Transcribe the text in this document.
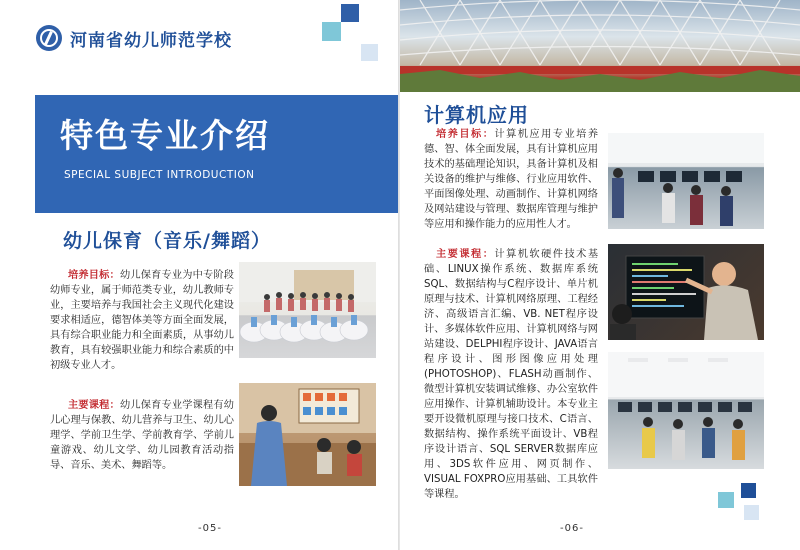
河南省幼儿师范学校
特色专业介绍
SPECIAL SUBJECT INTRODUCTION
幼儿保育（音乐/舞蹈）
培养目标：幼儿保育专业为中专阶段幼师专业，属于师范类专业，幼儿教师专业，主要培养与我国社会主义现代化建设要求相适应，德智体美等方面全面发展，具有综合职业能力和全面素质，从事幼儿教育，具有较强职业能力和综合素质的中初级专业人才。
主要课程：幼儿保育专业学课程有幼儿心理与保教、幼儿营养与卫生、幼儿心理学、学前卫生学、学前教育学、学前儿童游戏、幼儿文学、幼儿园教育活动指导、音乐、美术、舞蹈等。
-05-
计算机应用
培养目标：计算机应用专业培养德、智、体全面发展，具有计算机应用技术的基础理论知识，具备计算机及相关设备的维护与维修、行业应用软件、平面图像处理、动画制作、计算机网络及网站建设与管理、数据库管理与维护等应用和操作能力的应用性人才。
主要课程：计算机软硬件技术基础、LINUX操作系统、数据库系统SQL、数据结构与C程序设计、单片机原理与技术、计算机网络原理、工程经济、高级语言汇编、VB. NET程序设计、多媒体软件应用、计算机网络与网站建设、DELPHI程序设计、JAVA语言程序设计、图形图像应用处理(PHOTOSHOP)、FLASH动画制作、微型计算机安装调试维修、办公室软件应用操作、计算机辅助设计。本专业主要开设微机原理与接口技术、C语言、数据结构、操作系统平面设计、VB程序设计语言、SQL SERVER数据库应用、3DS软件应用、网页制作、VISUAL FOXPRO应用基础、工具软件等课程。
-06-
